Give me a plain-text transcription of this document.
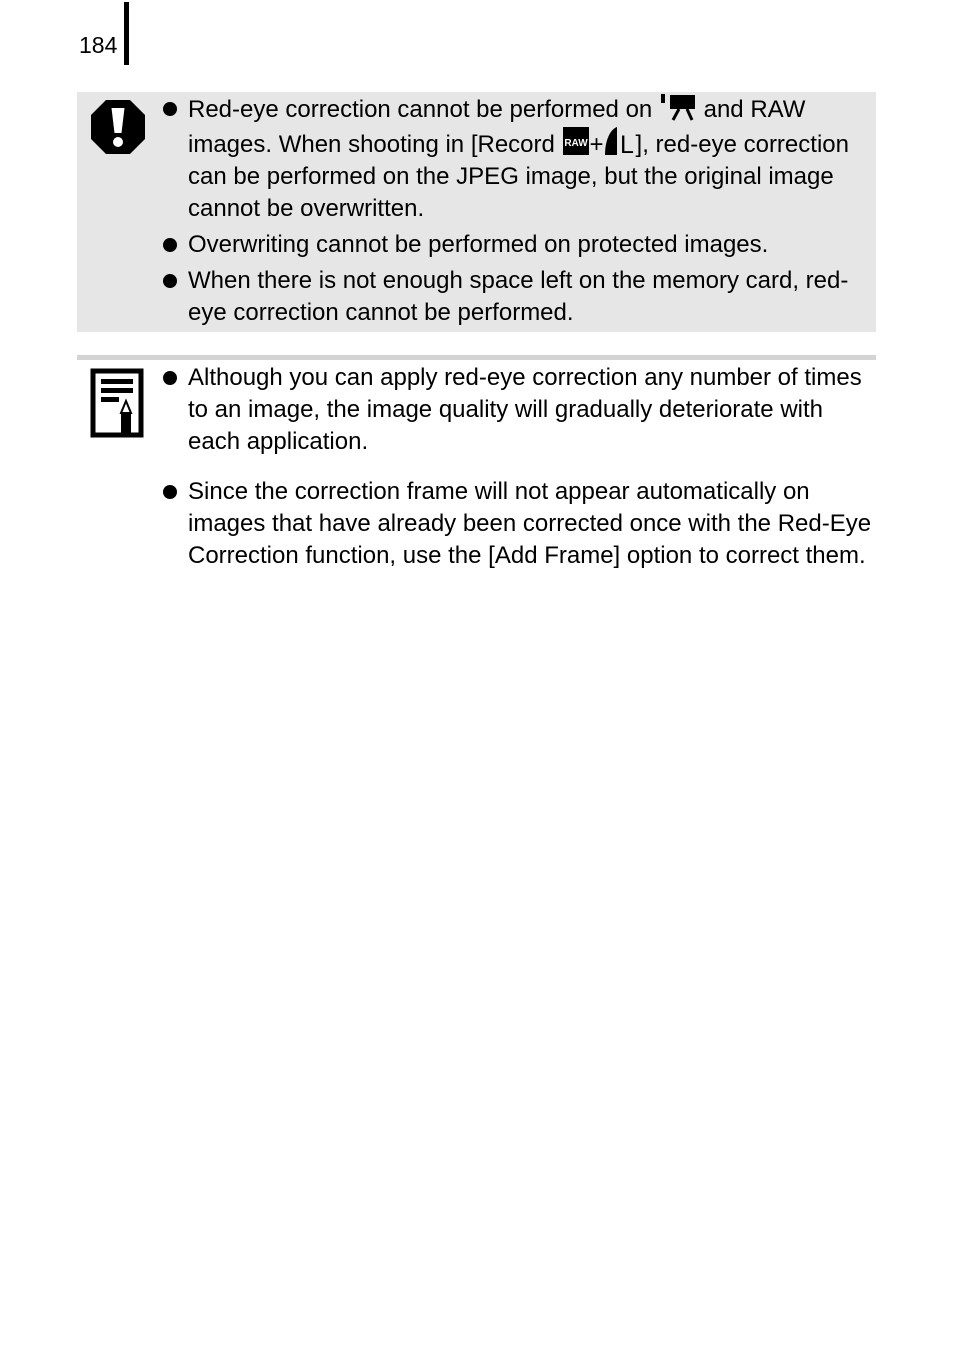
184
Red-eye correction cannot be performed on and RAW images. When shooting in [Record RAW + L ], red-eye correction can be performed on the JPEG image, but the original image cannot be overwritten.
Overwriting cannot be performed on protected images.
When there is not enough space left on the memory card, red-eye correction cannot be performed.
Although you can apply red-eye correction any number of times to an image, the image quality will gradually deteriorate with each application.
Since the correction frame will not appear automatically on images that have already been corrected once with the Red-Eye Correction function, use the [Add Frame] option to correct them.
